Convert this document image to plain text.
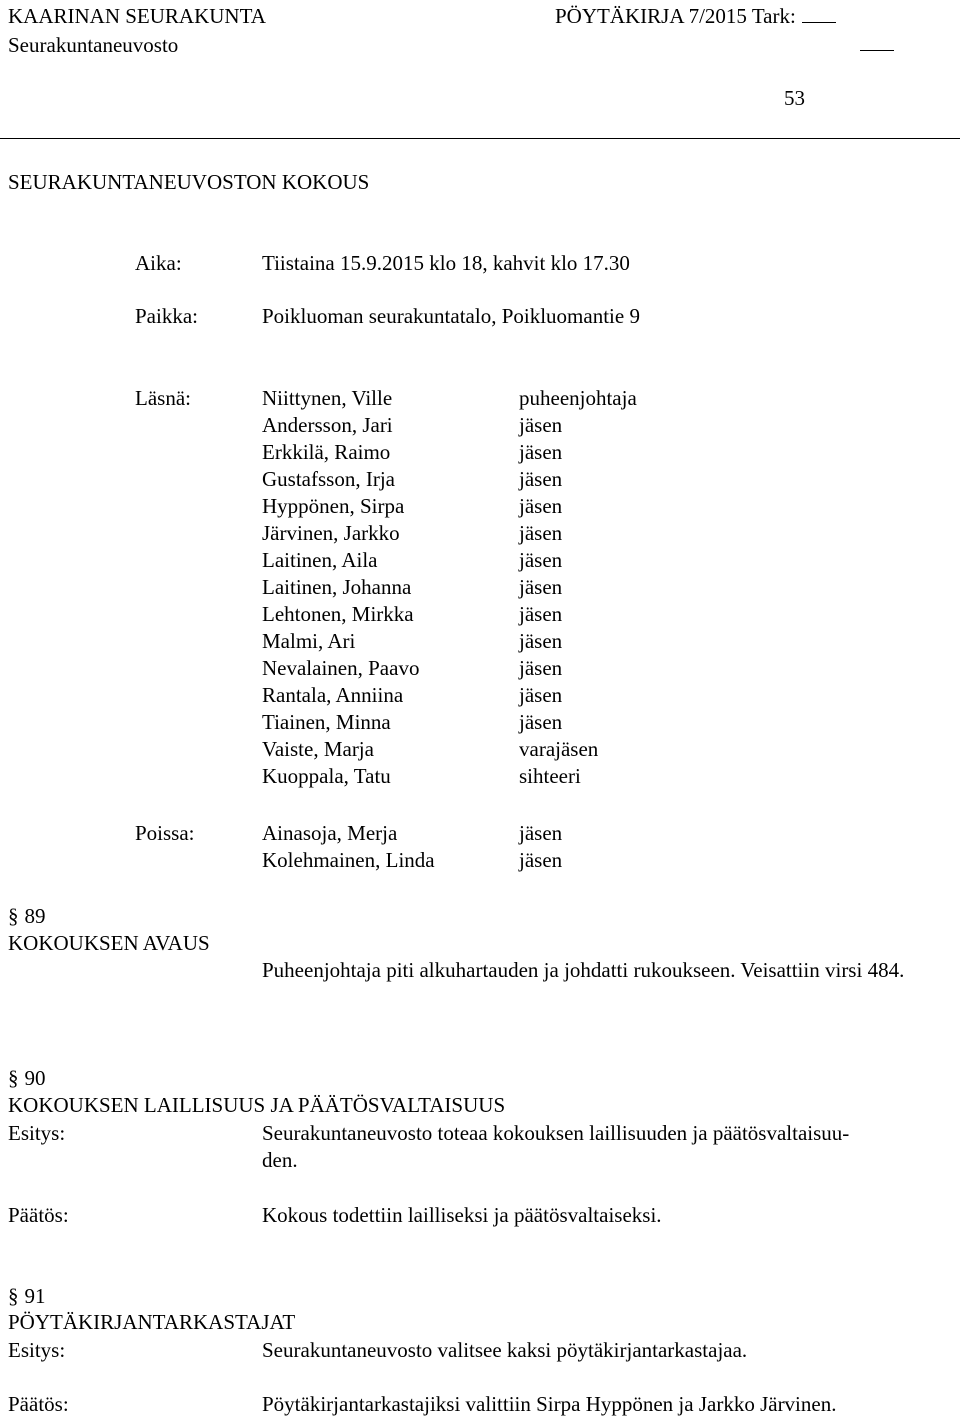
KAARINAN SEURAKUNTA
Seurakuntaneuvosto
PÖYTÄKIRJA 7/2015 Tark:
53
SEURAKUNTANEUVOSTON KOKOUS
Aika:	Tiistaina 15.9.2015 klo 18, kahvit klo 17.30
Paikka:	Poikluoman seurakuntatalo, Poikluomantie 9
Läsnä:	Niittynen, Ville	puheenjohtaja
Andersson, Jari	jäsen
Erkkilä, Raimo	jäsen
Gustafsson, Irja	jäsen
Hyppönen, Sirpa	jäsen
Järvinen, Jarkko	jäsen
Laitinen, Aila	jäsen
Laitinen, Johanna	jäsen
Lehtonen, Mirkka	jäsen
Malmi, Ari	jäsen
Nevalainen, Paavo	jäsen
Rantala, Anniina	jäsen
Tiainen, Minna	jäsen
Vaiste, Marja	varajäsen
Kuoppala, Tatu	sihteeri
Poissa:	Ainasoja, Merja	jäsen
Kolehmainen, Linda	jäsen
§ 89
KOKOUKSEN AVAUS
Puheenjohtaja piti alkuhartauden ja johdatti rukoukseen. Veisattiin virsi 484.
§ 90
KOKOUKSEN LAILLISUUS JA PÄÄTÖSVALTAISUUS
Esitys:	Seurakuntaneuvosto toteaa kokouksen laillisuuden ja päätösvaltaisuu-
den.
Päätös:	Kokous todettiin lailliseksi ja päätösvaltaiseksi.
§ 91
PÖYTÄKIRJANTARKASTAJAT
Esitys:	Seurakuntaneuvosto valitsee kaksi pöytäkirjantarkastajaa.
Päätös:	Pöytäkirjantarkastajiksi valittiin Sirpa Hyppönen ja Jarkko Järvinen.
